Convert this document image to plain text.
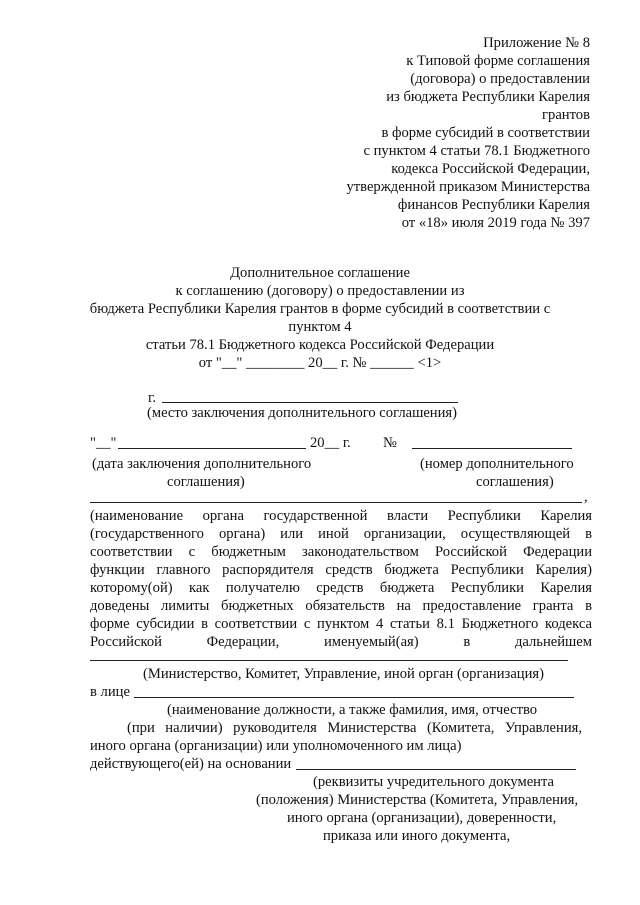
Приложение № 8
к Типовой форме соглашения
(договора) о предоставлении
из бюджета Республики Карелия
грантов
в форме субсидий в соответствии
с пунктом 4 статьи 78.1 Бюджетного
кодекса Российской Федерации,
утвержденной приказом Министерства
финансов Республики Карелия
от «18» июля 2019 года № 397
Дополнительное соглашение
к соглашению (договору) о предоставлении из
бюджета Республики Карелия грантов в форме субсидий в соответствии с
пунктом 4
статьи 78.1 Бюджетного кодекса Российской Федерации
от "__" ________ 20__ г. № ______ <1>
г.
(место заключения дополнительного соглашения)
"__"	20__ г. №
(дата заключения дополнительного
соглашения)
(номер дополнительного
соглашения)
,
(наименование органа государственной власти Республики Карелия
(государственного органа) или иной организации, осуществляющей в
соответствии с бюджетным законодательством Российской Федерации
функции главного распорядителя средств бюджета Республики Карелия)
которому(ой) как получателю средств бюджета Республики Карелия
доведены лимиты бюджетных обязательств на предоставление гранта в
форме субсидии в соответствии с пунктом 4 статьи 8.1 Бюджетного кодекса
Российской Федерации, именуемый(ая) в дальнейшем
(Министерство, Комитет, Управление, иной орган (организация)
в лице
(наименование должности, а также фамилия, имя, отчество
(при наличии) руководителя Министерства (Комитета, Управления,
иного органа (организации) или уполномоченного им лица)
действующего(ей) на основании
(реквизиты учредительного документа
(положения) Министерства (Комитета, Управления,
иного органа (организации), доверенности,
приказа или иного документа,
